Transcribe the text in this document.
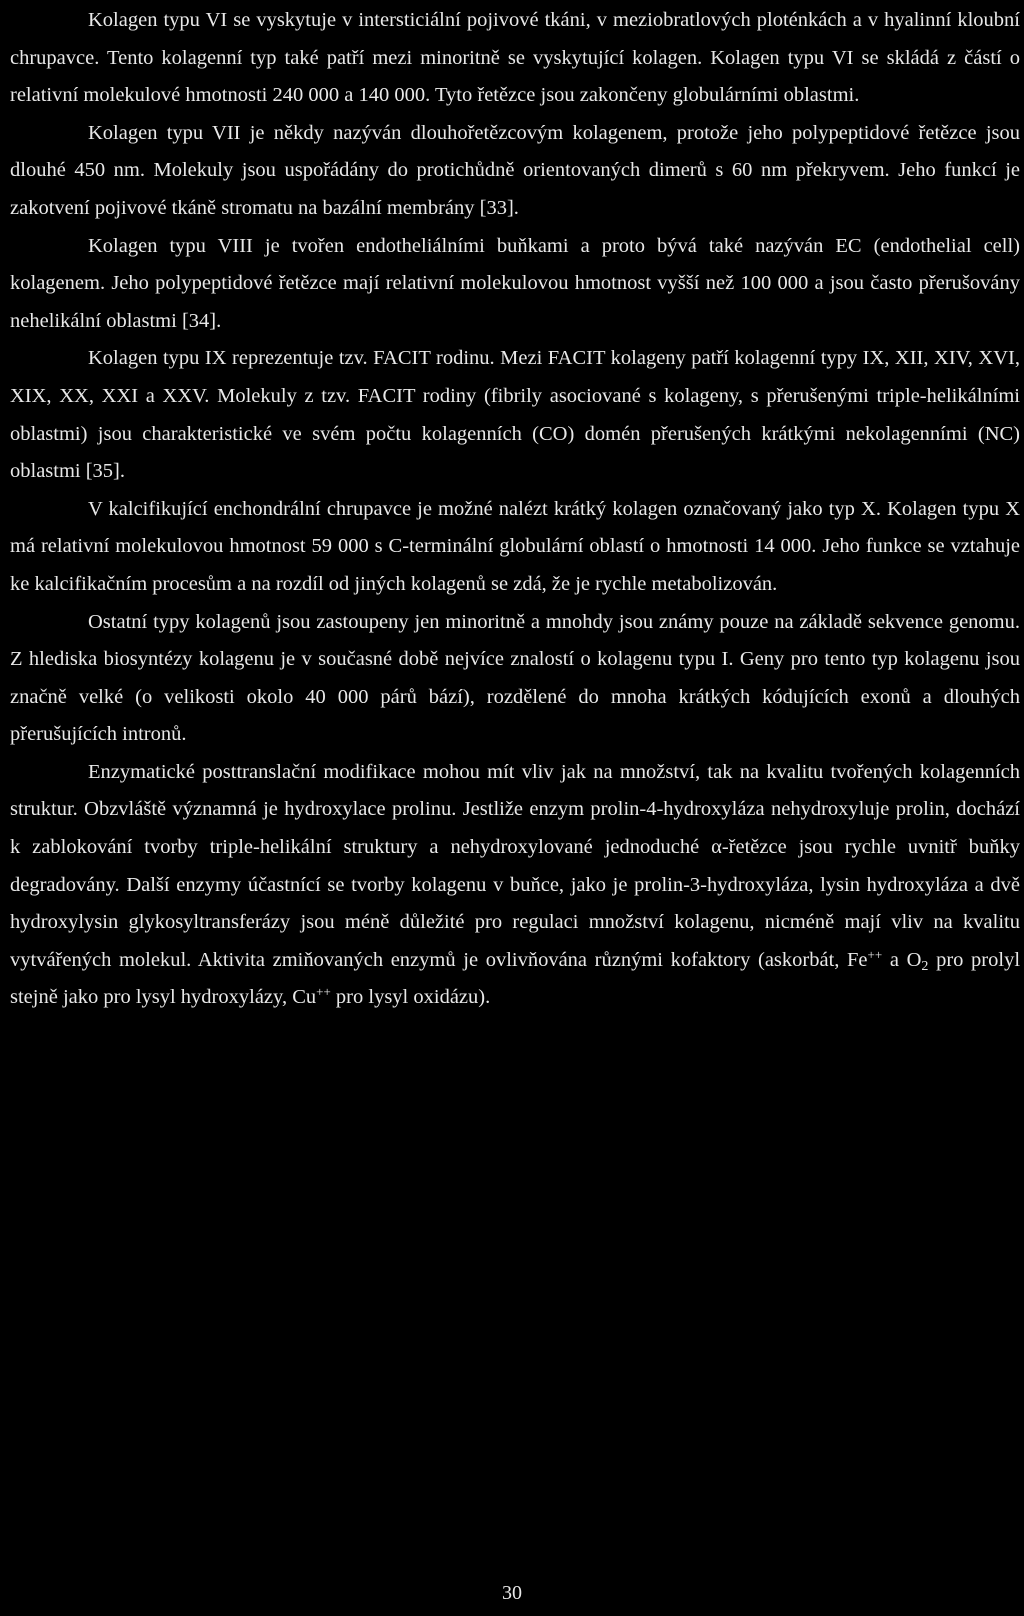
Kolagen typu VI se vyskytuje v intersticiální pojivové tkáni, v meziobratlových ploténkách a v hyalinní kloubní chrupavce. Tento kolagenní typ také patří mezi minoritně se vyskytující kolagen. Kolagen typu VI se skládá z částí o relativní molekulové hmotnosti 240 000 a 140 000. Tyto řetězce jsou zakončeny globulárními oblastmi.

Kolagen typu VII je někdy nazýván dlouhořetězcovým kolagenem, protože jeho polypeptidové řetězce jsou dlouhé 450 nm. Molekuly jsou uspořádány do protichůdně orientovaných dimerů s 60 nm překryvem. Jeho funkcí je zakotvení pojivové tkáně stromatu na bazální membrány [33].

Kolagen typu VIII je tvořen endotheliálními buňkami a proto bývá také nazýván EC (endothelial cell) kolagenem. Jeho polypeptidové řetězce mají relativní molekulovou hmotnost vyšší než 100 000 a jsou často přerušovány nehelikální oblastmi [34].

Kolagen typu IX reprezentuje tzv. FACIT rodinu. Mezi FACIT kolageny patří kolagenní typy IX, XII, XIV, XVI, XIX, XX, XXI a XXV. Molekuly z tzv. FACIT rodiny (fibrily asociované s kolageny, s přerušenými triple-helikálními oblastmi) jsou charakteristické ve svém počtu kolagenních (CO) domén přerušených krátkými nekolagenními (NC) oblastmi [35].

V kalcifikující enchondrální chrupavce je možné nalézt krátký kolagen označovaný jako typ X. Kolagen typu X má relativní molekulovou hmotnost 59 000 s C-terminální globulární oblastí o hmotnosti 14 000. Jeho funkce se vztahuje ke kalcifikačním procesům a na rozdíl od jiných kolagenů se zdá, že je rychle metabolizován.

Ostatní typy kolagenů jsou zastoupeny jen minoritně a mnohdy jsou známy pouze na základě sekvence genomu. Z hlediska biosyntézy kolagenu je v současné době nejvíce znalostí o kolagenu typu I. Geny pro tento typ kolagenu jsou značně velké (o velikosti okolo 40 000 párů bází), rozdělené do mnoha krátkých kódujících exonů a dlouhých přerušujících intronů.

Enzymatické posttranslační modifikace mohou mít vliv jak na množství, tak na kvalitu tvořených kolagenních struktur. Obzvláště významná je hydroxylace prolinu. Jestliže enzym prolin-4-hydroxyláza nehydroxyluje prolin, dochází k zablokování tvorby triple-helikální struktury a nehydroxylované jednoduché α-řetězce jsou rychle uvnitř buňky degradovány. Další enzymy účastnící se tvorby kolagenu v buňce, jako je prolin-3-hydroxyláza, lysin hydroxyláza a dvě hydroxylysin glykosyltransferázy jsou méně důležité pro regulaci množství kolagenu, nicméně mají vliv na kvalitu vytvářených molekul. Aktivita zmiňovaných enzymů je ovlivňována různými kofaktory (askorbát, Fe++ a $O_2$ pro prolyl stejně jako pro lysyl hydroxylázy, Cu++ pro lysyl oxidázu).

30
